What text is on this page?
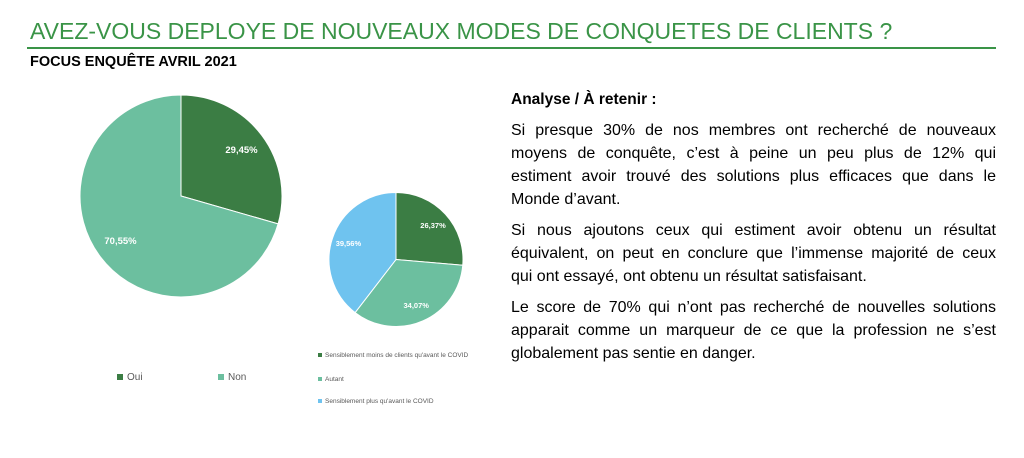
AVEZ-VOUS DEPLOYE DE NOUVEAUX MODES DE CONQUETES DE CLIENTS ?
FOCUS ENQUÊTE AVRIL 2021
29,45%
70,55%
26,37%
34,07%
39,56%
Oui	Non
Sensiblement moins de clients qu'avant le COVID
Autant
Sensiblement plus qu'avant le COVID
Analyse / À retenir :
Si presque 30% de nos membres ont recherché de nouveaux
moyens de conquête, c’est à peine un peu plus de 12% qui
estiment avoir trouvé des solutions plus efficaces que dans le
Monde d’avant.
Si nous ajoutons ceux qui estiment avoir obtenu un résultat
équivalent, on peut en conclure que l’immense majorité de ceux
qui ont essayé, ont obtenu un résultat satisfaisant.
Le score de 70% qui n’ont pas recherché de nouvelles solutions
apparait comme un marqueur de ce que la profession ne s’est
globalement pas sentie en danger.
